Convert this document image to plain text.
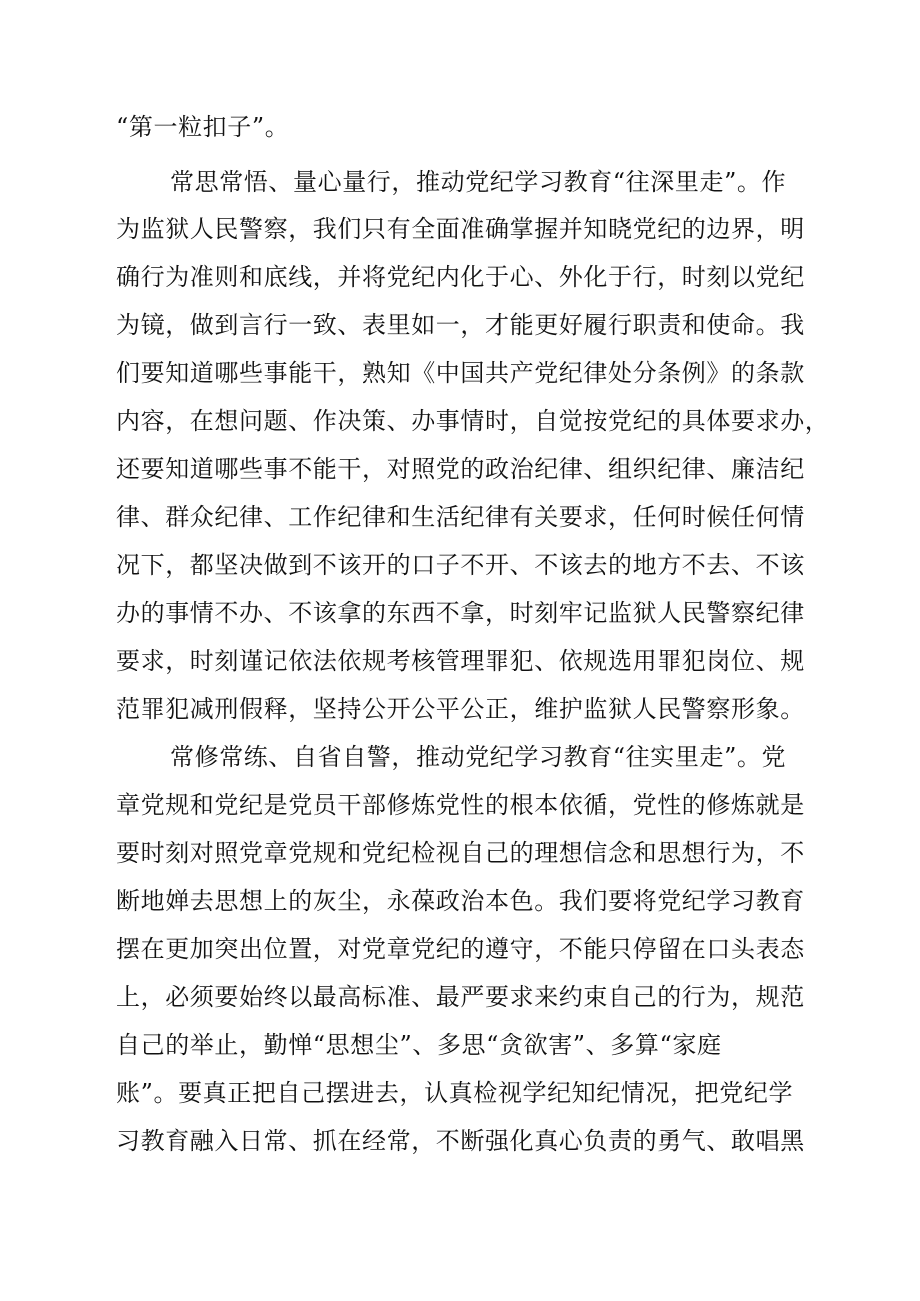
“第一粒扣子”。

常思常悟、量心量行，推动党纪学习教育“往深里走”。作

为监狱人民警察，我们只有全面准确掌握并知晓党纪的边界，明

确行为准则和底线，并将党纪内化于心、外化于行，时刻以党纪

为镜，做到言行一致、表里如一，才能更好履行职责和使命。我

们要知道哪些事能干，熟知《中国共产党纪律处分条例》的条款

内容，在想问题、作决策、办事情时，自觉按党纪的具体要求办，

还要知道哪些事不能干，对照党的政治纪律、组织纪律、廉洁纪

律、群众纪律、工作纪律和生活纪律有关要求，任何时候任何情

况下，都坚决做到不该开的口子不开、不该去的地方不去、不该

办的事情不办、不该拿的东西不拿，时刻牢记监狱人民警察纪律

要求，时刻谨记依法依规考核管理罪犯、依规选用罪犯岗位、规

范罪犯减刑假释，坚持公开公平公正，维护监狱人民警察形象。

常修常练、自省自警，推动党纪学习教育“往实里走”。党

章党规和党纪是党员干部修炼党性的根本依循，党性的修炼就是

要时刻对照党章党规和党纪检视自己的理想信念和思想行为，不

断地婵去思想上的灰尘，永葆政治本色。我们要将党纪学习教育

摆在更加突出位置，对党章党纪的遵守，不能只停留在口头表态

上，必须要始终以最高标准、最严要求来约束自己的行为，规范

自己的举止，勤惮“思想尘”、多思“贪欲害”、多算“家庭

账”。要真正把自己摆进去，认真检视学纪知纪情况，把党纪学

习教育融入日常、抓在经常，不断强化真心负责的勇气、敢唱黑
